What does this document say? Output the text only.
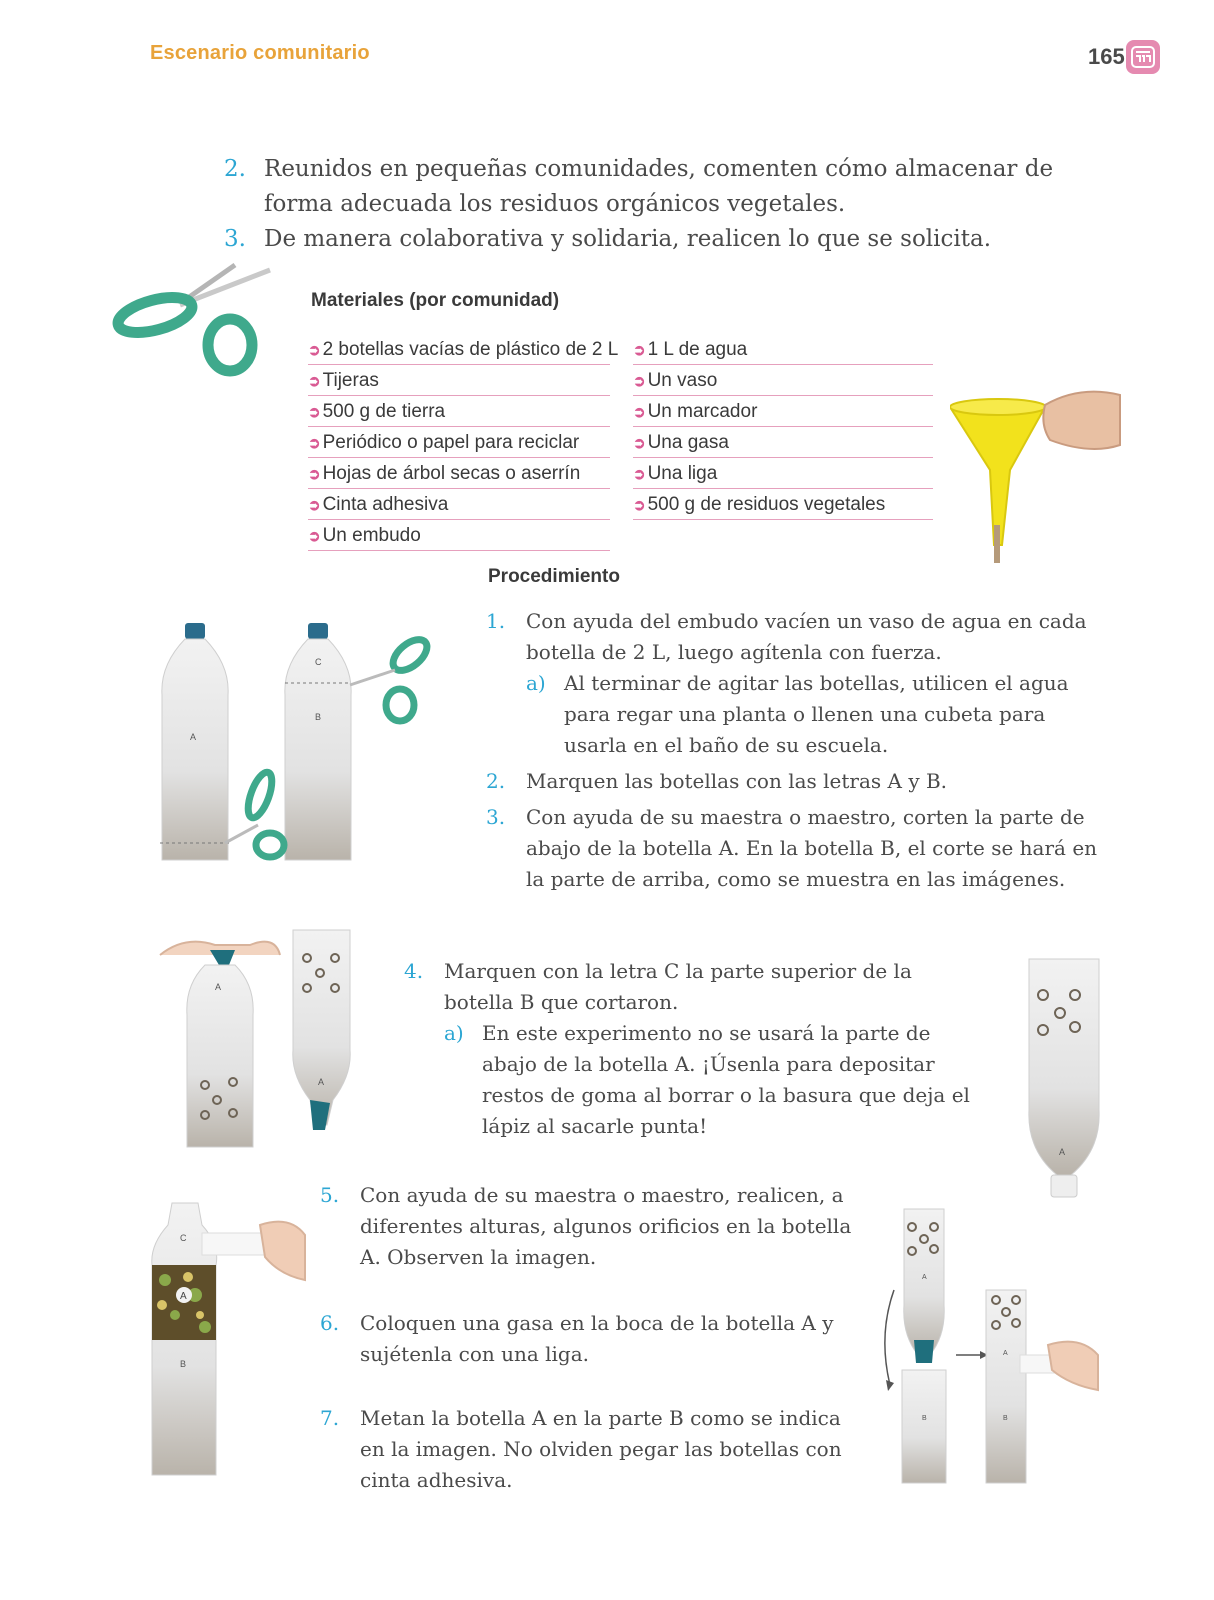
Escenario comunitario	165
2. Reunidos en pequeñas comunidades, comenten cómo almacenar de forma adecuada los residuos orgánicos vegetales.
3. De manera colaborativa y solidaria, realicen lo que se solicita.
Materiales (por comunidad)
➲ 2 botellas vacías de plástico de 2 L
➲ Tijeras
➲ 500 g de tierra
➲ Periódico o papel para reciclar
➲ Hojas de árbol secas o aserrín
➲ Cinta adhesiva
➲ Un embudo
➲ 1 L de agua
➲ Un vaso
➲ Un marcador
➲ Una gasa
➲ Una liga
➲ 500 g de residuos vegetales
Procedimiento
1.	Con ayuda del embudo vacíen un vaso de agua en cada botella de 2 L, luego agítenla con fuerza.
a) Al terminar de agitar las botellas, utilicen el agua para regar una planta o llenen una cubeta para usarla en el baño de su escuela.
2.	Marquen las botellas con las letras A y B.
3.	Con ayuda de su maestra o maestro, corten la parte de abajo de la botella A. En la botella B, el corte se hará en la parte de arriba, como se muestra en las imágenes.
A
C
B
A
A
4.	Marquen con la letra C la parte superior de la botella B que cortaron.
a) En este experimento no se usará la parte de abajo de la botella A. ¡Úsenla para depositar restos de goma al borrar o la basura que deja el lápiz al sacarle punta!
A
5.	Con ayuda de su maestra o maestro, realicen, a diferentes alturas, algunos orificios en la botella A. Observen la imagen.
6.	Coloquen una gasa en la boca de la botella A y sujétenla con una liga.
7.	Metan la botella A en la parte B como se indica en la imagen. No olviden pegar las botellas con cinta adhesiva.
A
C
B
A
B
A
B
